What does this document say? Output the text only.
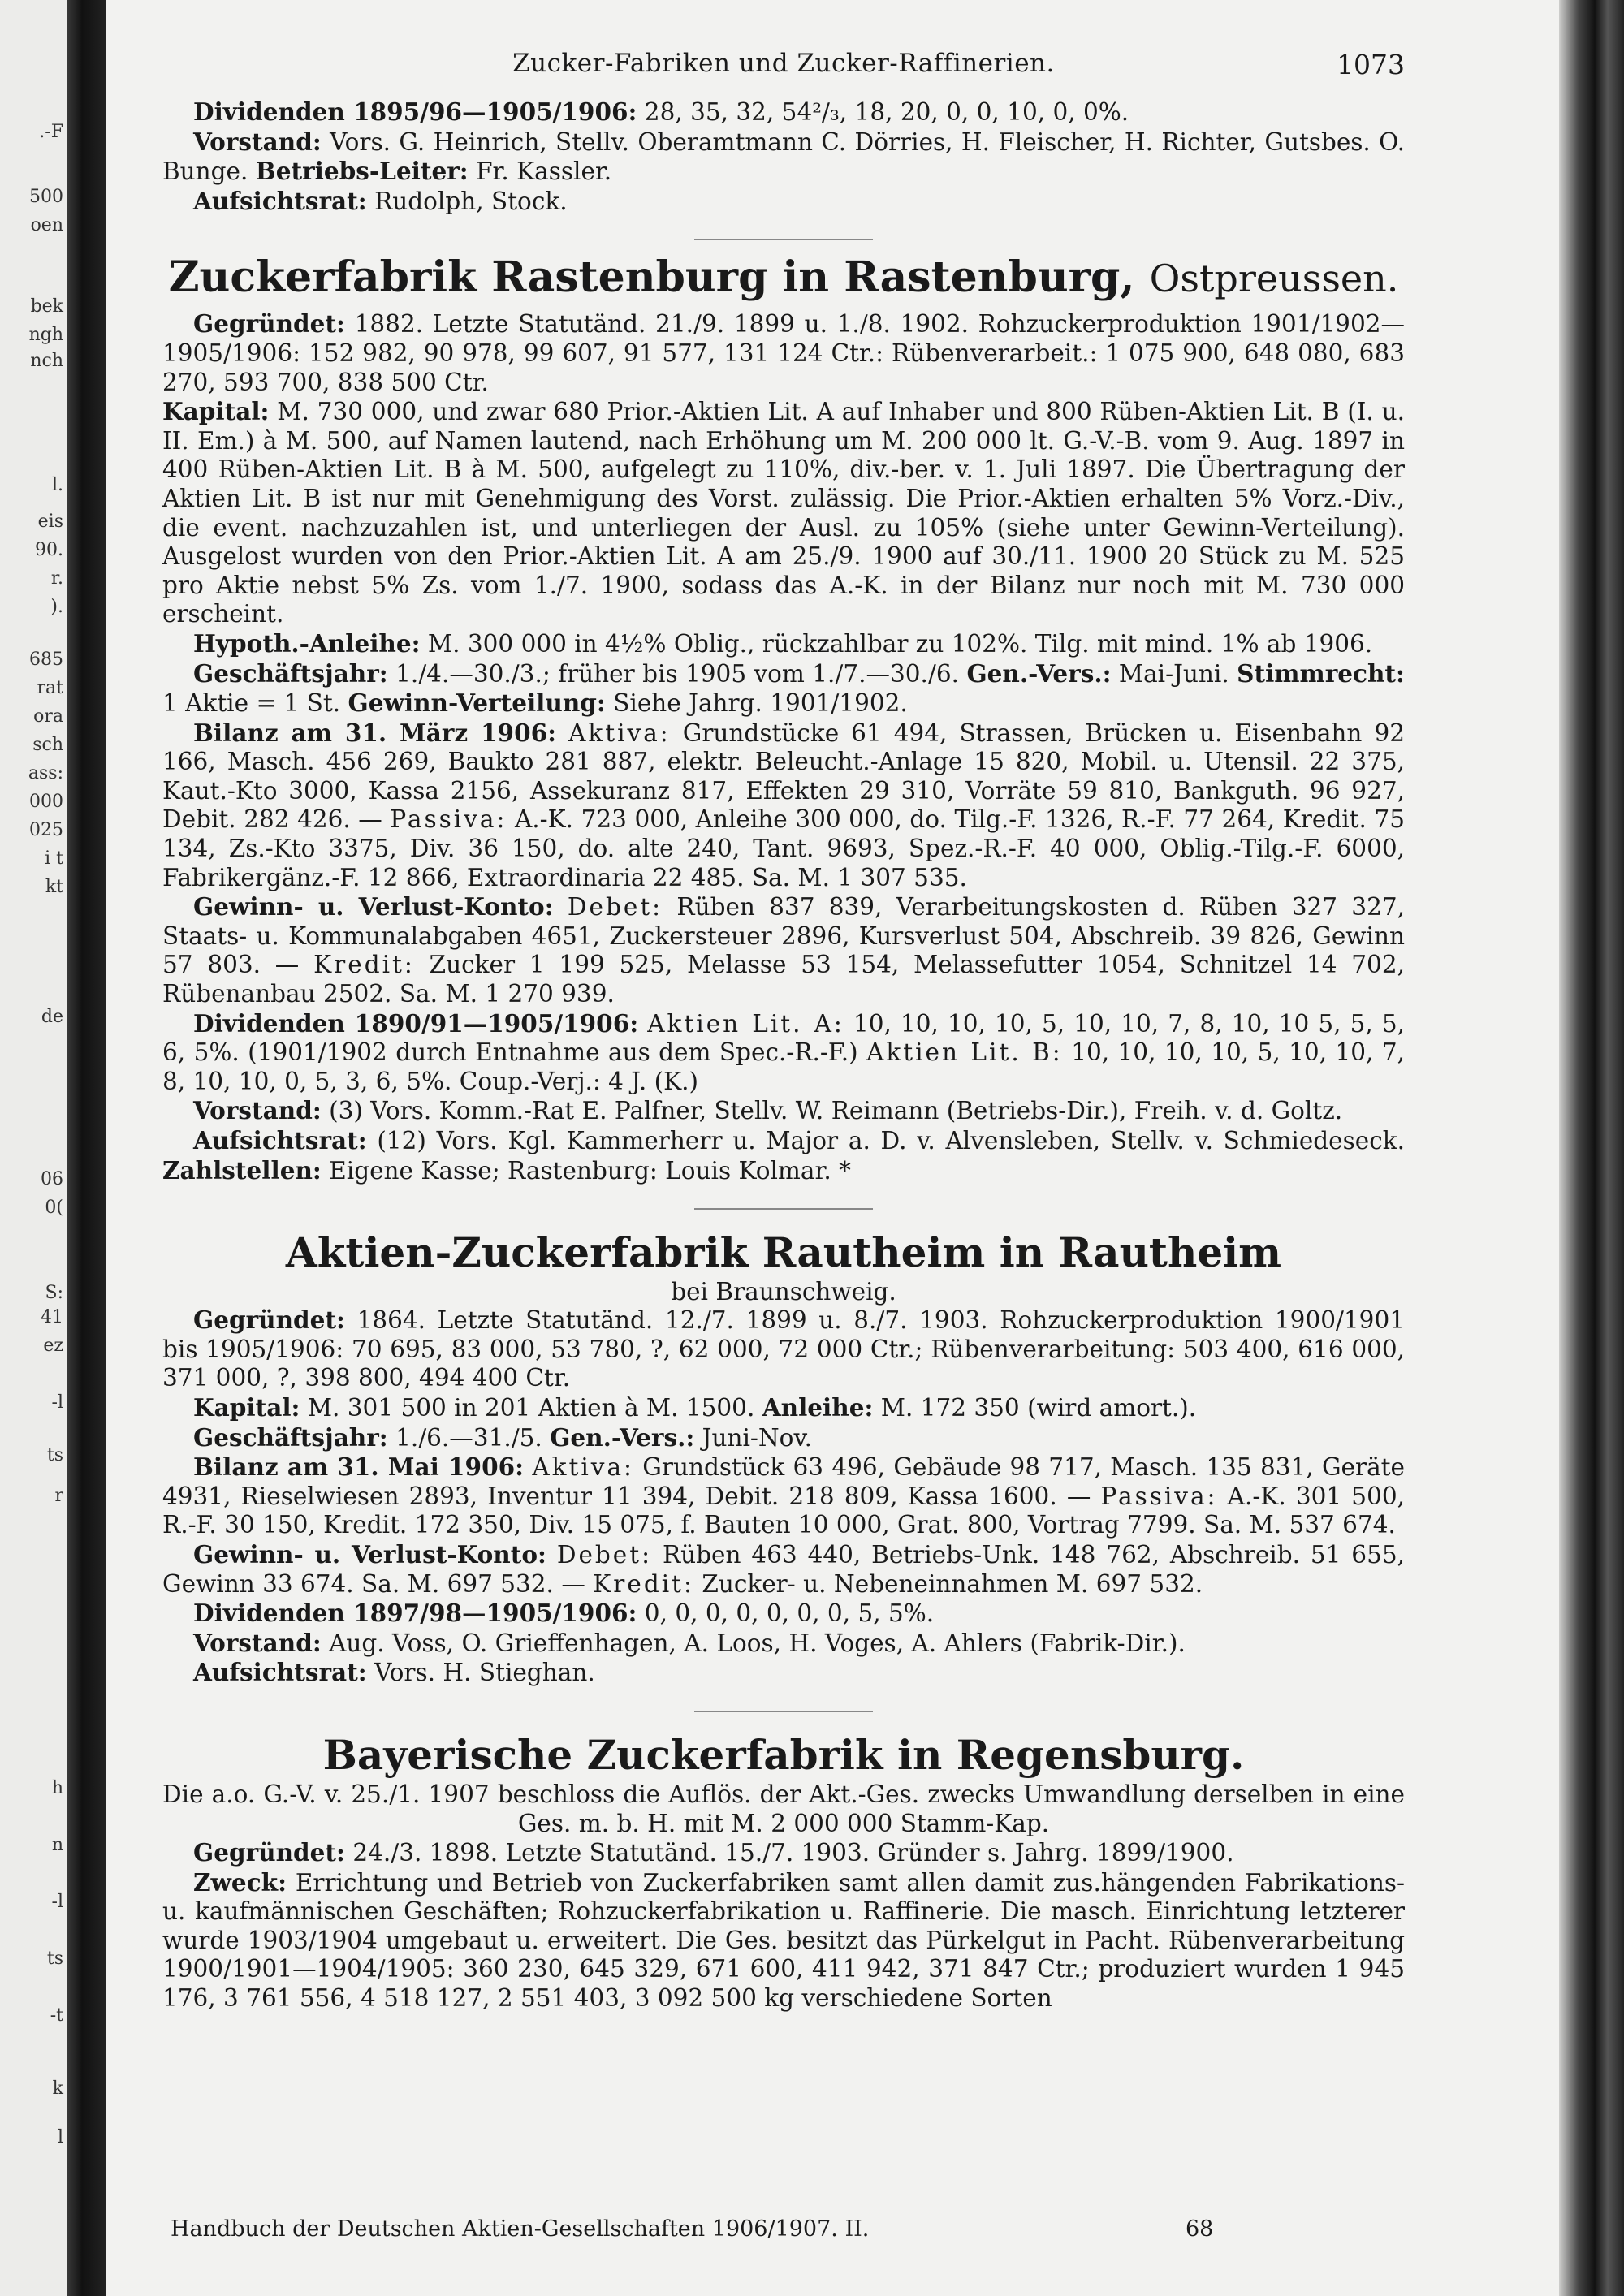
.-F
500
oen
bek
ngh
nch
l.
eis
90.
r.
).
685
rat
ora
sch
ass:
000
025
i t
kt
de
06
0(
S:
41
ez
-l
ts
r
h
n
-l
ts
-t
k
l
Zucker-Fabriken und Zucker-Raffinerien.	1073

Dividenden 1895/96—1905/1906: 28, 35, 32, 54²/₃, 18, 20, 0, 0, 10, 0, 0%.

Vorstand: Vors. G. Heinrich, Stellv. Oberamtmann C. Dörries, H. Fleischer, H. Richter, Gutsbes. O. Bunge. Betriebs-Leiter: Fr. Kassler.

Aufsichtsrat: Rudolph, Stock.

Zuckerfabrik Rastenburg in Rastenburg, Ostpreussen.

Gegründet: 1882. Letzte Statutänd. 21./9. 1899 u. 1./8. 1902. Rohzuckerproduktion 1901/1902—1905/1906: 152 982, 90 978, 99 607, 91 577, 131 124 Ctr.: Rübenverarbeit.: 1 075 900, 648 080, 683 270, 593 700, 838 500 Ctr.

Kapital: M. 730 000, und zwar 680 Prior.-Aktien Lit. A auf Inhaber und 800 Rüben-Aktien Lit. B (I. u. II. Em.) à M. 500, auf Namen lautend, nach Erhöhung um M. 200 000 lt. G.-V.-B. vom 9. Aug. 1897 in 400 Rüben-Aktien Lit. B à M. 500, aufgelegt zu 110%, div.-ber. v. 1. Juli 1897. Die Übertragung der Aktien Lit. B ist nur mit Genehmigung des Vorst. zulässig. Die Prior.-Aktien erhalten 5% Vorz.-Div., die event. nachzuzahlen ist, und unterliegen der Ausl. zu 105% (siehe unter Gewinn-Verteilung). Ausgelost wurden von den Prior.-Aktien Lit. A am 25./9. 1900 auf 30./11. 1900 20 Stück zu M. 525 pro Aktie nebst 5% Zs. vom 1./7. 1900, sodass das A.-K. in der Bilanz nur noch mit M. 730 000 erscheint.

Hypoth.-Anleihe: M. 300 000 in 4½% Oblig., rückzahlbar zu 102%. Tilg. mit mind. 1% ab 1906.

Geschäftsjahr: 1./4.—30./3.; früher bis 1905 vom 1./7.—30./6. Gen.-Vers.: Mai-Juni. Stimmrecht: 1 Aktie = 1 St. Gewinn-Verteilung: Siehe Jahrg. 1901/1902.

Bilanz am 31. März 1906: Aktiva: Grundstücke 61 494, Strassen, Brücken u. Eisenbahn 92 166, Masch. 456 269, Baukto 281 887, elektr. Beleucht.-Anlage 15 820, Mobil. u. Utensil. 22 375, Kaut.-Kto 3000, Kassa 2156, Assekuranz 817, Effekten 29 310, Vorräte 59 810, Bankguth. 96 927, Debit. 282 426. — Passiva: A.-K. 723 000, Anleihe 300 000, do. Tilg.-F. 1326, R.-F. 77 264, Kredit. 75 134, Zs.-Kto 3375, Div. 36 150, do. alte 240, Tant. 9693, Spez.-R.-F. 40 000, Oblig.-Tilg.-F. 6000, Fabrikergänz.-F. 12 866, Extraordinaria 22 485. Sa. M. 1 307 535.

Gewinn- u. Verlust-Konto: Debet: Rüben 837 839, Verarbeitungskosten d. Rüben 327 327, Staats- u. Kommunalabgaben 4651, Zuckersteuer 2896, Kursverlust 504, Abschreib. 39 826, Gewinn 57 803. — Kredit: Zucker 1 199 525, Melasse 53 154, Melassefutter 1054, Schnitzel 14 702, Rübenanbau 2502. Sa. M. 1 270 939.

Dividenden 1890/91—1905/1906: Aktien Lit. A: 10, 10, 10, 10, 5, 10, 10, 7, 8, 10, 10 5, 5, 5, 6, 5%. (1901/1902 durch Entnahme aus dem Spec.-R.-F.) Aktien Lit. B: 10, 10, 10, 10, 5, 10, 10, 7, 8, 10, 10, 0, 5, 3, 6, 5%. Coup.-Verj.: 4 J. (K.)

Vorstand: (3) Vors. Komm.-Rat E. Palfner, Stellv. W. Reimann (Betriebs-Dir.), Freih. v. d. Goltz.

Aufsichtsrat: (12) Vors. Kgl. Kammerherr u. Major a. D. v. Alvensleben, Stellv. v. Schmiedeseck. Zahlstellen: Eigene Kasse; Rastenburg: Louis Kolmar. *

Aktien-Zuckerfabrik Rautheim in Rautheim
bei Braunschweig.

Gegründet: 1864. Letzte Statutänd. 12./7. 1899 u. 8./7. 1903. Rohzuckerproduktion 1900/1901 bis 1905/1906: 70 695, 83 000, 53 780, ?, 62 000, 72 000 Ctr.; Rübenverarbeitung: 503 400, 616 000, 371 000, ?, 398 800, 494 400 Ctr.

Kapital: M. 301 500 in 201 Aktien à M. 1500. Anleihe: M. 172 350 (wird amort.).

Geschäftsjahr: 1./6.—31./5. Gen.-Vers.: Juni-Nov.

Bilanz am 31. Mai 1906: Aktiva: Grundstück 63 496, Gebäude 98 717, Masch. 135 831, Geräte 4931, Rieselwiesen 2893, Inventur 11 394, Debit. 218 809, Kassa 1600. — Passiva: A.-K. 301 500, R.-F. 30 150, Kredit. 172 350, Div. 15 075, f. Bauten 10 000, Grat. 800, Vortrag 7799. Sa. M. 537 674.

Gewinn- u. Verlust-Konto: Debet: Rüben 463 440, Betriebs-Unk. 148 762, Abschreib. 51 655, Gewinn 33 674. Sa. M. 697 532. — Kredit: Zucker- u. Nebeneinnahmen M. 697 532.

Dividenden 1897/98—1905/1906: 0, 0, 0, 0, 0, 0, 0, 5, 5%.

Vorstand: Aug. Voss, O. Grieffenhagen, A. Loos, H. Voges, A. Ahlers (Fabrik-Dir.).

Aufsichtsrat: Vors. H. Stieghan.

Bayerische Zuckerfabrik in Regensburg.
Die a.o. G.-V. v. 25./1. 1907 beschloss die Auflös. der Akt.-Ges. zwecks Umwandlung derselben in eine Ges. m. b. H. mit M. 2 000 000 Stamm-Kap.

Gegründet: 24./3. 1898. Letzte Statutänd. 15./7. 1903. Gründer s. Jahrg. 1899/1900.

Zweck: Errichtung und Betrieb von Zuckerfabriken samt allen damit zus.hängenden Fabrikations- u. kaufmännischen Geschäften; Rohzuckerfabrikation u. Raffinerie. Die masch. Einrichtung letzterer wurde 1903/1904 umgebaut u. erweitert. Die Ges. besitzt das Pürkelgut in Pacht. Rübenverarbeitung 1900/1901—1904/1905: 360 230, 645 329, 671 600, 411 942, 371 847 Ctr.; produziert wurden 1 945 176, 3 761 556, 4 518 127, 2 551 403, 3 092 500 kg verschiedene Sorten

Handbuch der Deutschen Aktien-Gesellschaften 1906/1907. II.	68
